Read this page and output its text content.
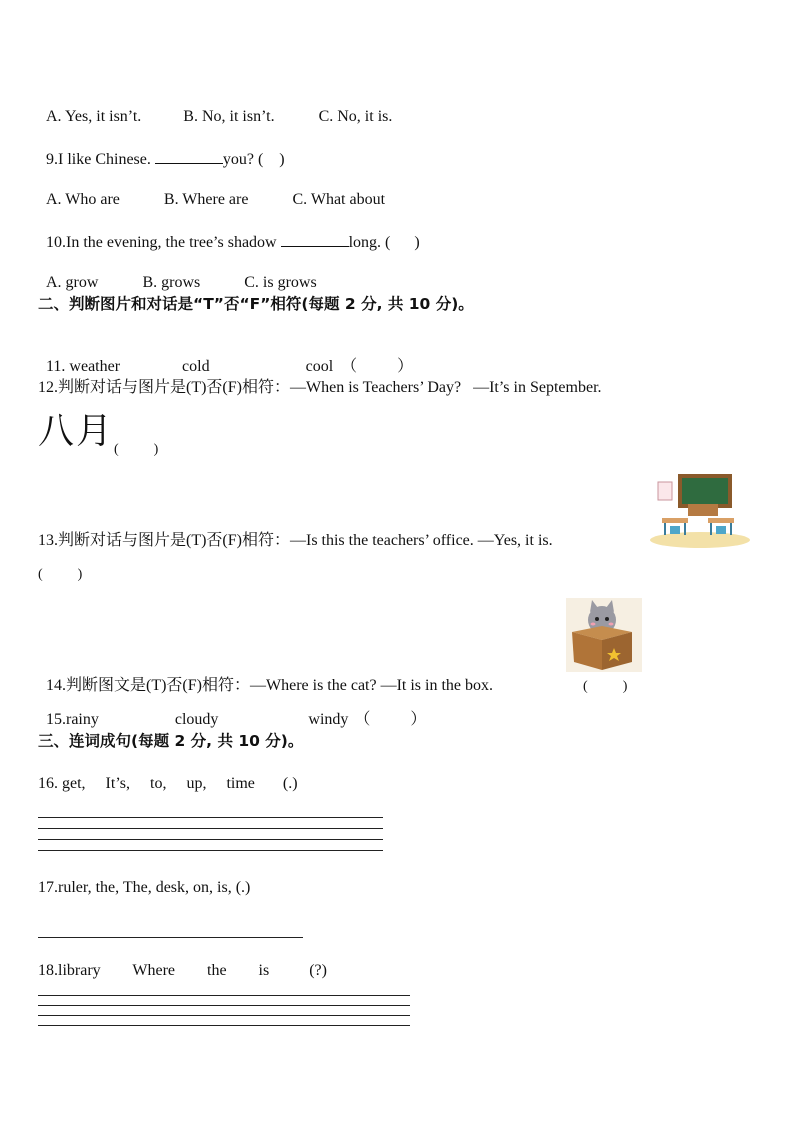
A. Yes, it isn’t.	B. No, it isn’t.	C. No, it is.

9.I like Chinese.	you? (    )

A. Who are	B. Where are	C. What about

10.In the evening, the tree’s shadow	long. (      )

A. grow	B. grows	C. is grows

二、判断图片和对话是“T”否“F”相符(每题 2 分, 共 10 分)。

11. weather	cold	cool （          ）

12.判断对话与图片是(T)否(F)相符：—When is Teachers’ Day?   —It’s in September.
八月 (          )
13.判断对话与图片是(T)否(F)相符：—Is this the teachers’ office. —Yes, it is.
(          )

14.判断图文是(T)否(F)相符：—Where is the cat? —It is in the box.	(          )

15.rainy	cloudy	windy （          ）

三、连词成句(每题 2 分, 共 10 分)。
16. get,     It’s,     to,     up,     time       (.)
17.ruler, the, The, desk, on, is, (.)
18.library        Where        the        is          (?)
